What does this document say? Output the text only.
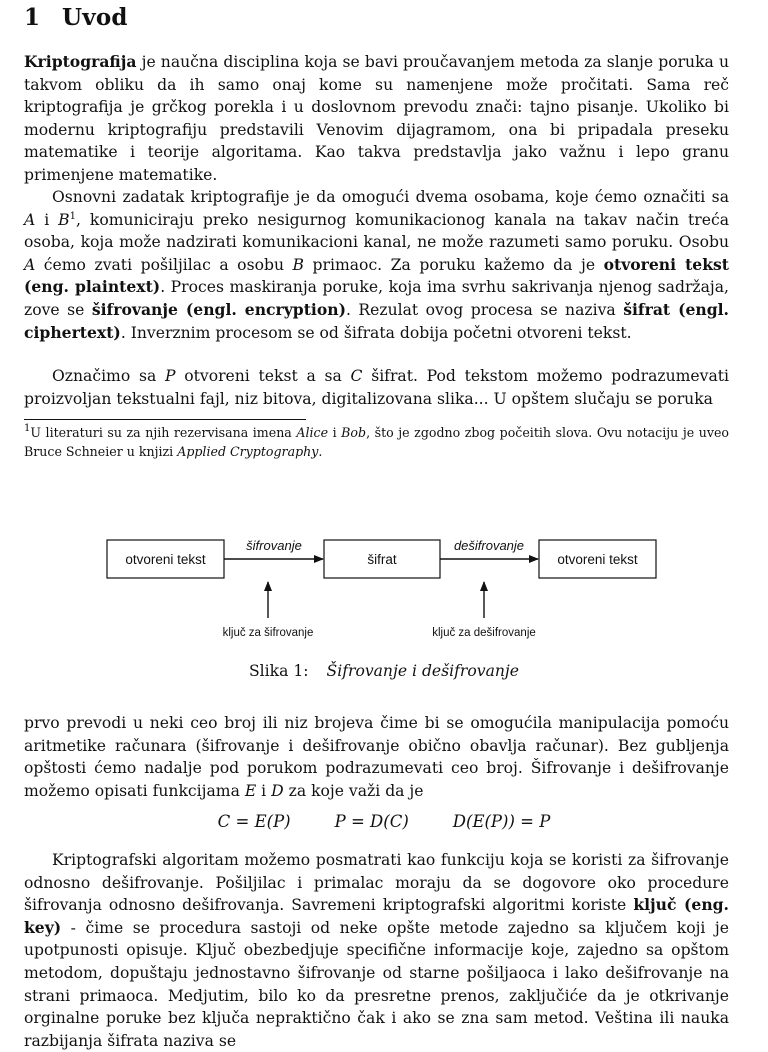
1 Uvod

Kriptografija je naučna disciplina koja se bavi proučavanjem metoda za slanje poruka u takvom obliku da ih samo onaj kome su namenjene može pročitati. Sama reč kriptografija je grčkog porekla i u doslovnom prevodu znači: tajno pisanje. Ukoliko bi modernu kriptografiju predstavili Venovim dijagramom, ona bi pripadala preseku matematike i teorije algoritama. Kao takva predstavlja jako važnu i lepo granu primenjene matematike.

Osnovni zadatak kriptografije je da omogući dvema osobama, koje ćemo označiti sa A i $B^1$, komuniciraju preko nesigurnog komunikacionog kanala na takav način treća osoba, koja može nadzirati komunikacioni kanal, ne može razumeti samo poruku. Osobu A ćemo zvati pošiljilac a osobu B primaoc. Za poruku kažemo da je otvoreni tekst (eng. plaintext). Proces maskiranja poruke, koja ima svrhu sakrivanja njenog sadržaja, zove se šifrovanje (engl. encryption). Rezulat ovog procesa se naziva šifrat (engl. ciphertext). Inverznim procesom se od šifrata dobija početni otvoreni tekst.

Označimo sa P otvoreni tekst a sa C šifrat. Pod tekstom možemo podrazumevati proizvoljan tekstualni fajl, niz bitova, digitalizovana slika... U opštem slučaju se poruka

$^1$U literaturi su za njih rezervisana imena Alice i Bob, što je zgodno zbog počeitih slova. Ovu notaciju je uveo Bruce Schneier u knjizi Applied Cryptography.

otvoreni tekst	šifrat	otvoreni tekst
šifrovanje	dešifrovanje
ključ za šifrovanje	ključ za dešifrovanje

Slika 1: Šifrovanje i dešifrovanje

prvo prevodi u neki ceo broj ili niz brojeva čime bi se omogućila manipulacija pomoću aritmetike računara (šifrovanje i dešifrovanje obično obavlja računar). Bez gubljenja opštosti ćemo nadalje pod porukom podrazumevati ceo broj. Šifrovanje i dešifrovanje možemo opisati funkcijama E i D za koje važi da je

C = E(P)	P = D(C)	D(E(P)) = P

Kriptografski algoritam možemo posmatrati kao funkciju koja se koristi za šifrovanje odnosno dešifrovanje. Pošiljilac i primalac moraju da se dogovore oko procedure šifrovanja odnosno dešifrovanja. Savremeni kriptografski algoritmi koriste ključ (eng. key) - čime se procedura sastoji od neke opšte metode zajedno sa ključem koji je upotpunosti opisuje. Ključ obezbedjuje specifične informacije koje, zajedno sa opštom metodom, dopuštaju jednostavno šifrovanje od starne pošiljaoca i lako dešifrovanje na strani primaoca. Medjutim, bilo ko da presretne prenos, zaključiće da je otkrivanje orginalne poruke bez ključa nepraktično čak i ako se zna sam metod. Veština ili nauka razbijanja šifrata naziva se
